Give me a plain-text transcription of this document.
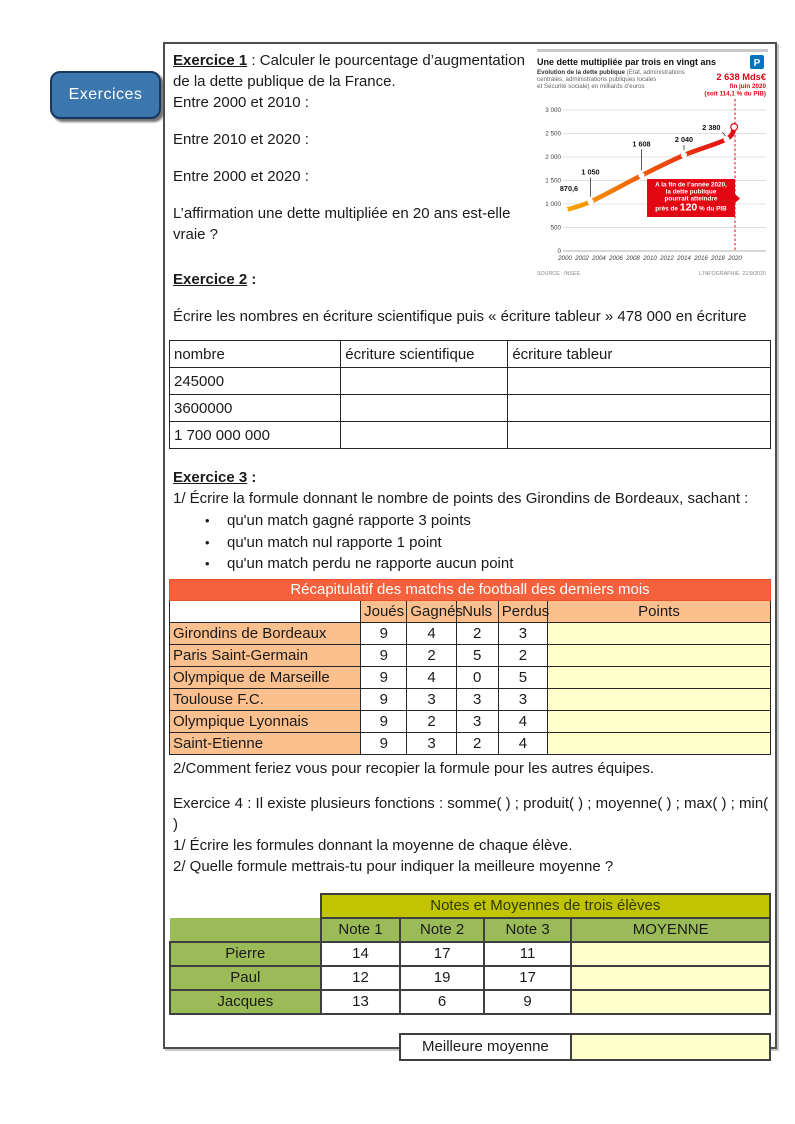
Exercices
Une dette multipliée par trois en vingt ans
Evolution de la dette publique (Etat, administrations
centrales, administrations publiques locales
et Sécurité sociale) en milliards d’euros
P
2 638 Mds€
fin juin 2020
(soit 114,1 % du PIB)
3 000
2 500
2 000
1 500
1 000
500
0
2000 2002 2004 2006 2008 2010 2012 2014 2016 2018 2020
870,6
1 050
1 608	2 040
2 380
A la fin de l’année 2020,
la dette publique
pourrait atteindre
près de 120 % du PIB
SOURCE : INSEE.	L’INFOGRAPHIE. 21/9/2020

Exercice 1 : Calculer le pourcentage d’augmentation de la dette publique de la France.

Entre 2000 et 2010 :

Entre 2010 et 2020 :

Entre 2000 et 2020 :

L’affirmation une dette multipliée en 20 ans est-elle vraie ?

Exercice 2 :
Écrire les nombres en écriture scientifique puis « écriture tableur » 478 000 en écriture
nombre	écriture scientifique	écriture tableur
245000		
3600000		
1 700 000 000		
Exercice 3 :
1/ Écrire la formule donnant le nombre de points des Girondins de Bordeaux, sachant :
• qu'un match gagné rapporte 3 points
• qu'un match nul rapporte 1 point
• qu'un match perdu ne rapporte aucun point
Récapitulatif des matchs de football des derniers mois					
	Joués	Gagnés	Nuls	Perdus	Points
Girondins de Bordeaux	9	4	2	3	
Paris Saint-Germain	9	2	5	2	
Olympique de Marseille	9	4	0	5	
Toulouse F.C.	9	3	3	3	
Olympique Lyonnais	9	2	3	4	
Saint-Etienne	9	3	2	4	
2/Comment feriez vous pour recopier la formule pour les autres équipes.

Exercice 4 : Il existe plusieurs fonctions : somme( ) ; produit( ) ; moyenne( ) ; max( ) ; min( )

1/ Écrire les formules donnant la moyenne de chaque élève.

2/ Quelle formule mettrais-tu pour indiquer la meilleure moyenne ?

	Notes et Moyennes de trois élèves			
	Note 1	Note 2	Note 3	MOYENNE
Pierre	14	17	11	
Paul	12	19	17	
Jacques	13	6	9	
		Meilleure moyenne	
